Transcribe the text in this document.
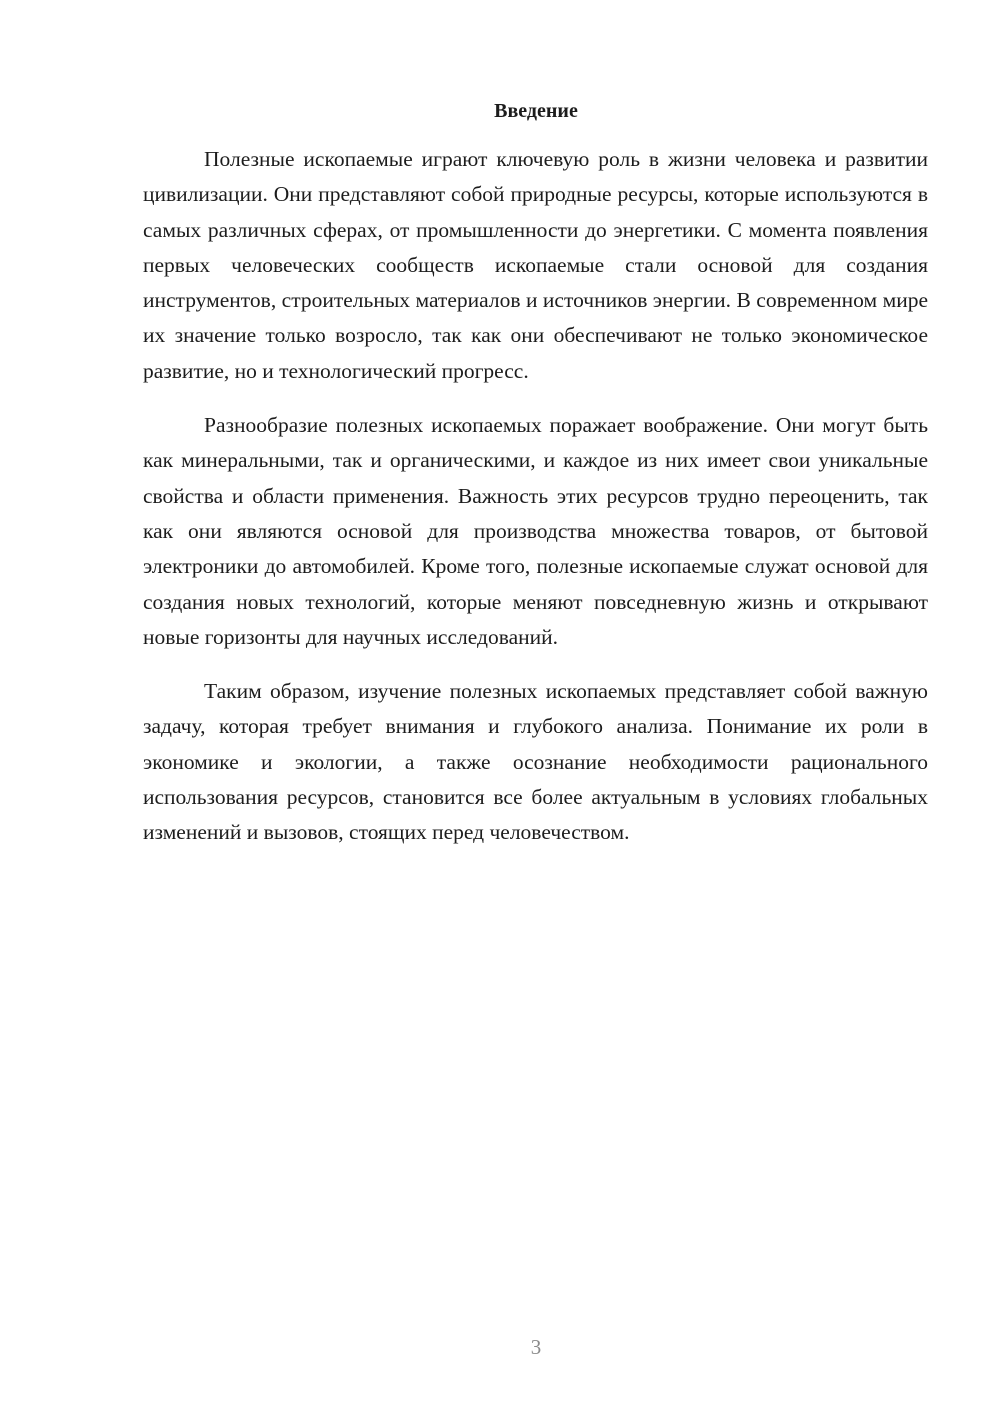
Введение

Полезные ископаемые играют ключевую роль в жизни человека и развитии цивилизации. Они представляют собой природные ресурсы, которые используются в самых различных сферах, от промышленности до энергетики. С момента появления первых человеческих сообществ ископаемые стали основой для создания инструментов, строительных материалов и источников энергии. В современном мире их значение только возросло, так как они обеспечивают не только экономическое развитие, но и технологический прогресс.

Разнообразие полезных ископаемых поражает воображение. Они могут быть как минеральными, так и органическими, и каждое из них имеет свои уникальные свойства и области применения. Важность этих ресурсов трудно переоценить, так как они являются основой для производства множества товаров, от бытовой электроники до автомобилей. Кроме того, полезные ископаемые служат основой для создания новых технологий, которые меняют повседневную жизнь и открывают новые горизонты для научных исследований.

Таким образом, изучение полезных ископаемых представляет собой важную задачу, которая требует внимания и глубокого анализа. Понимание их роли в экономике и экологии, а также осознание необходимости рационального использования ресурсов, становится все более актуальным в условиях глобальных изменений и вызовов, стоящих перед человечеством.

3
